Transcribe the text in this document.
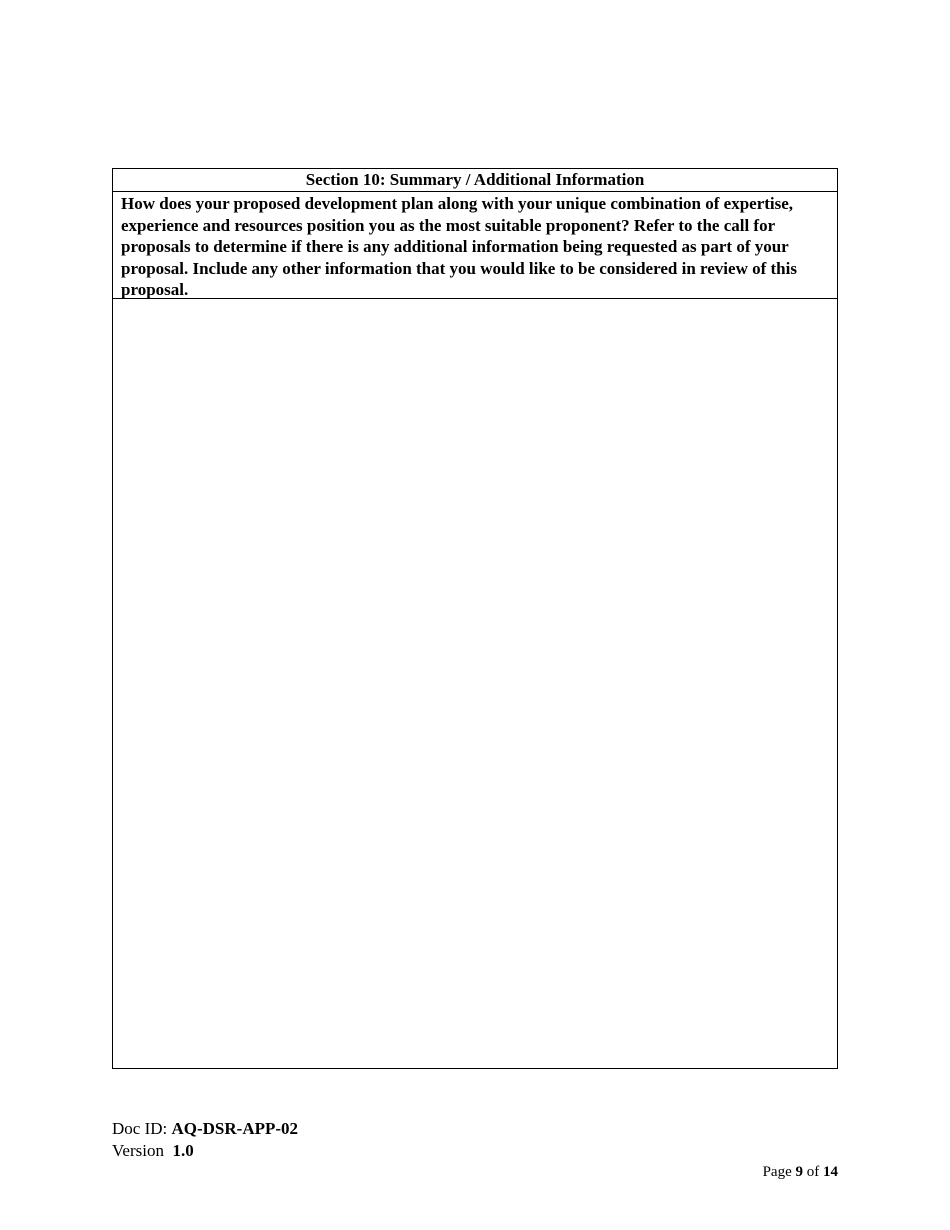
Section 10: Summary / Additional Information
How does your proposed development plan along with your unique combination of expertise, experience and resources position you as the most suitable proponent? Refer to the call for proposals to determine if there is any additional information being requested as part of your proposal. Include any other information that you would like to be considered in review of this proposal.
Doc ID: AQ-DSR-APP-02
Version  1.0
Page 9 of 14
